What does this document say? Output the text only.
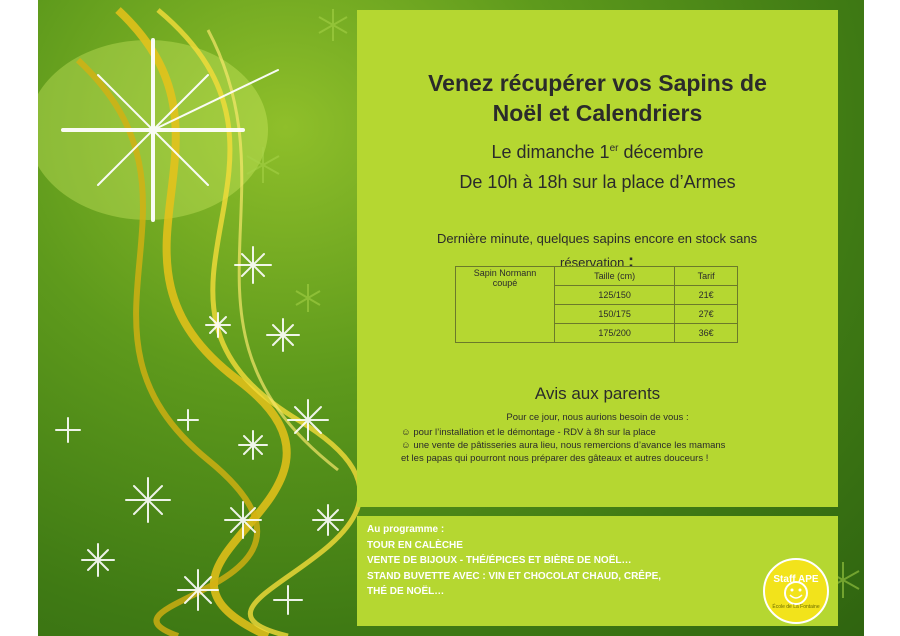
Venez récupérer vos Sapins de
Noël et Calendriers
Le dimanche 1er décembre
De 10h à 18h sur la place d’Armes
Dernière minute, quelques sapins encore en stock sans
réservation :
Sapin Normann
coupé	Taille (cm)	Tarif
	125/150	21€
	150/175	27€
	175/200	36€
Avis aux parents
Pour ce jour, nous aurions besoin de vous :
☺ pour l’installation et le démontage - RDV à 8h sur la place
☺ une vente de pâtisseries aura lieu, nous remercions d’avance les mamans
et les papas qui pourront nous préparer des gâteaux et autres douceurs !
Au programme :
TOUR EN CALÈCHE
VENTE DE BIJOUX - THÉ/ÉPICES ET BIÈRE DE NOËL…
STAND BUVETTE AVEC : VIN ET CHOCOLAT CHAUD, CRÊPE,
THÉ DE NOËL…
Staff APE
École de La Fontaine
